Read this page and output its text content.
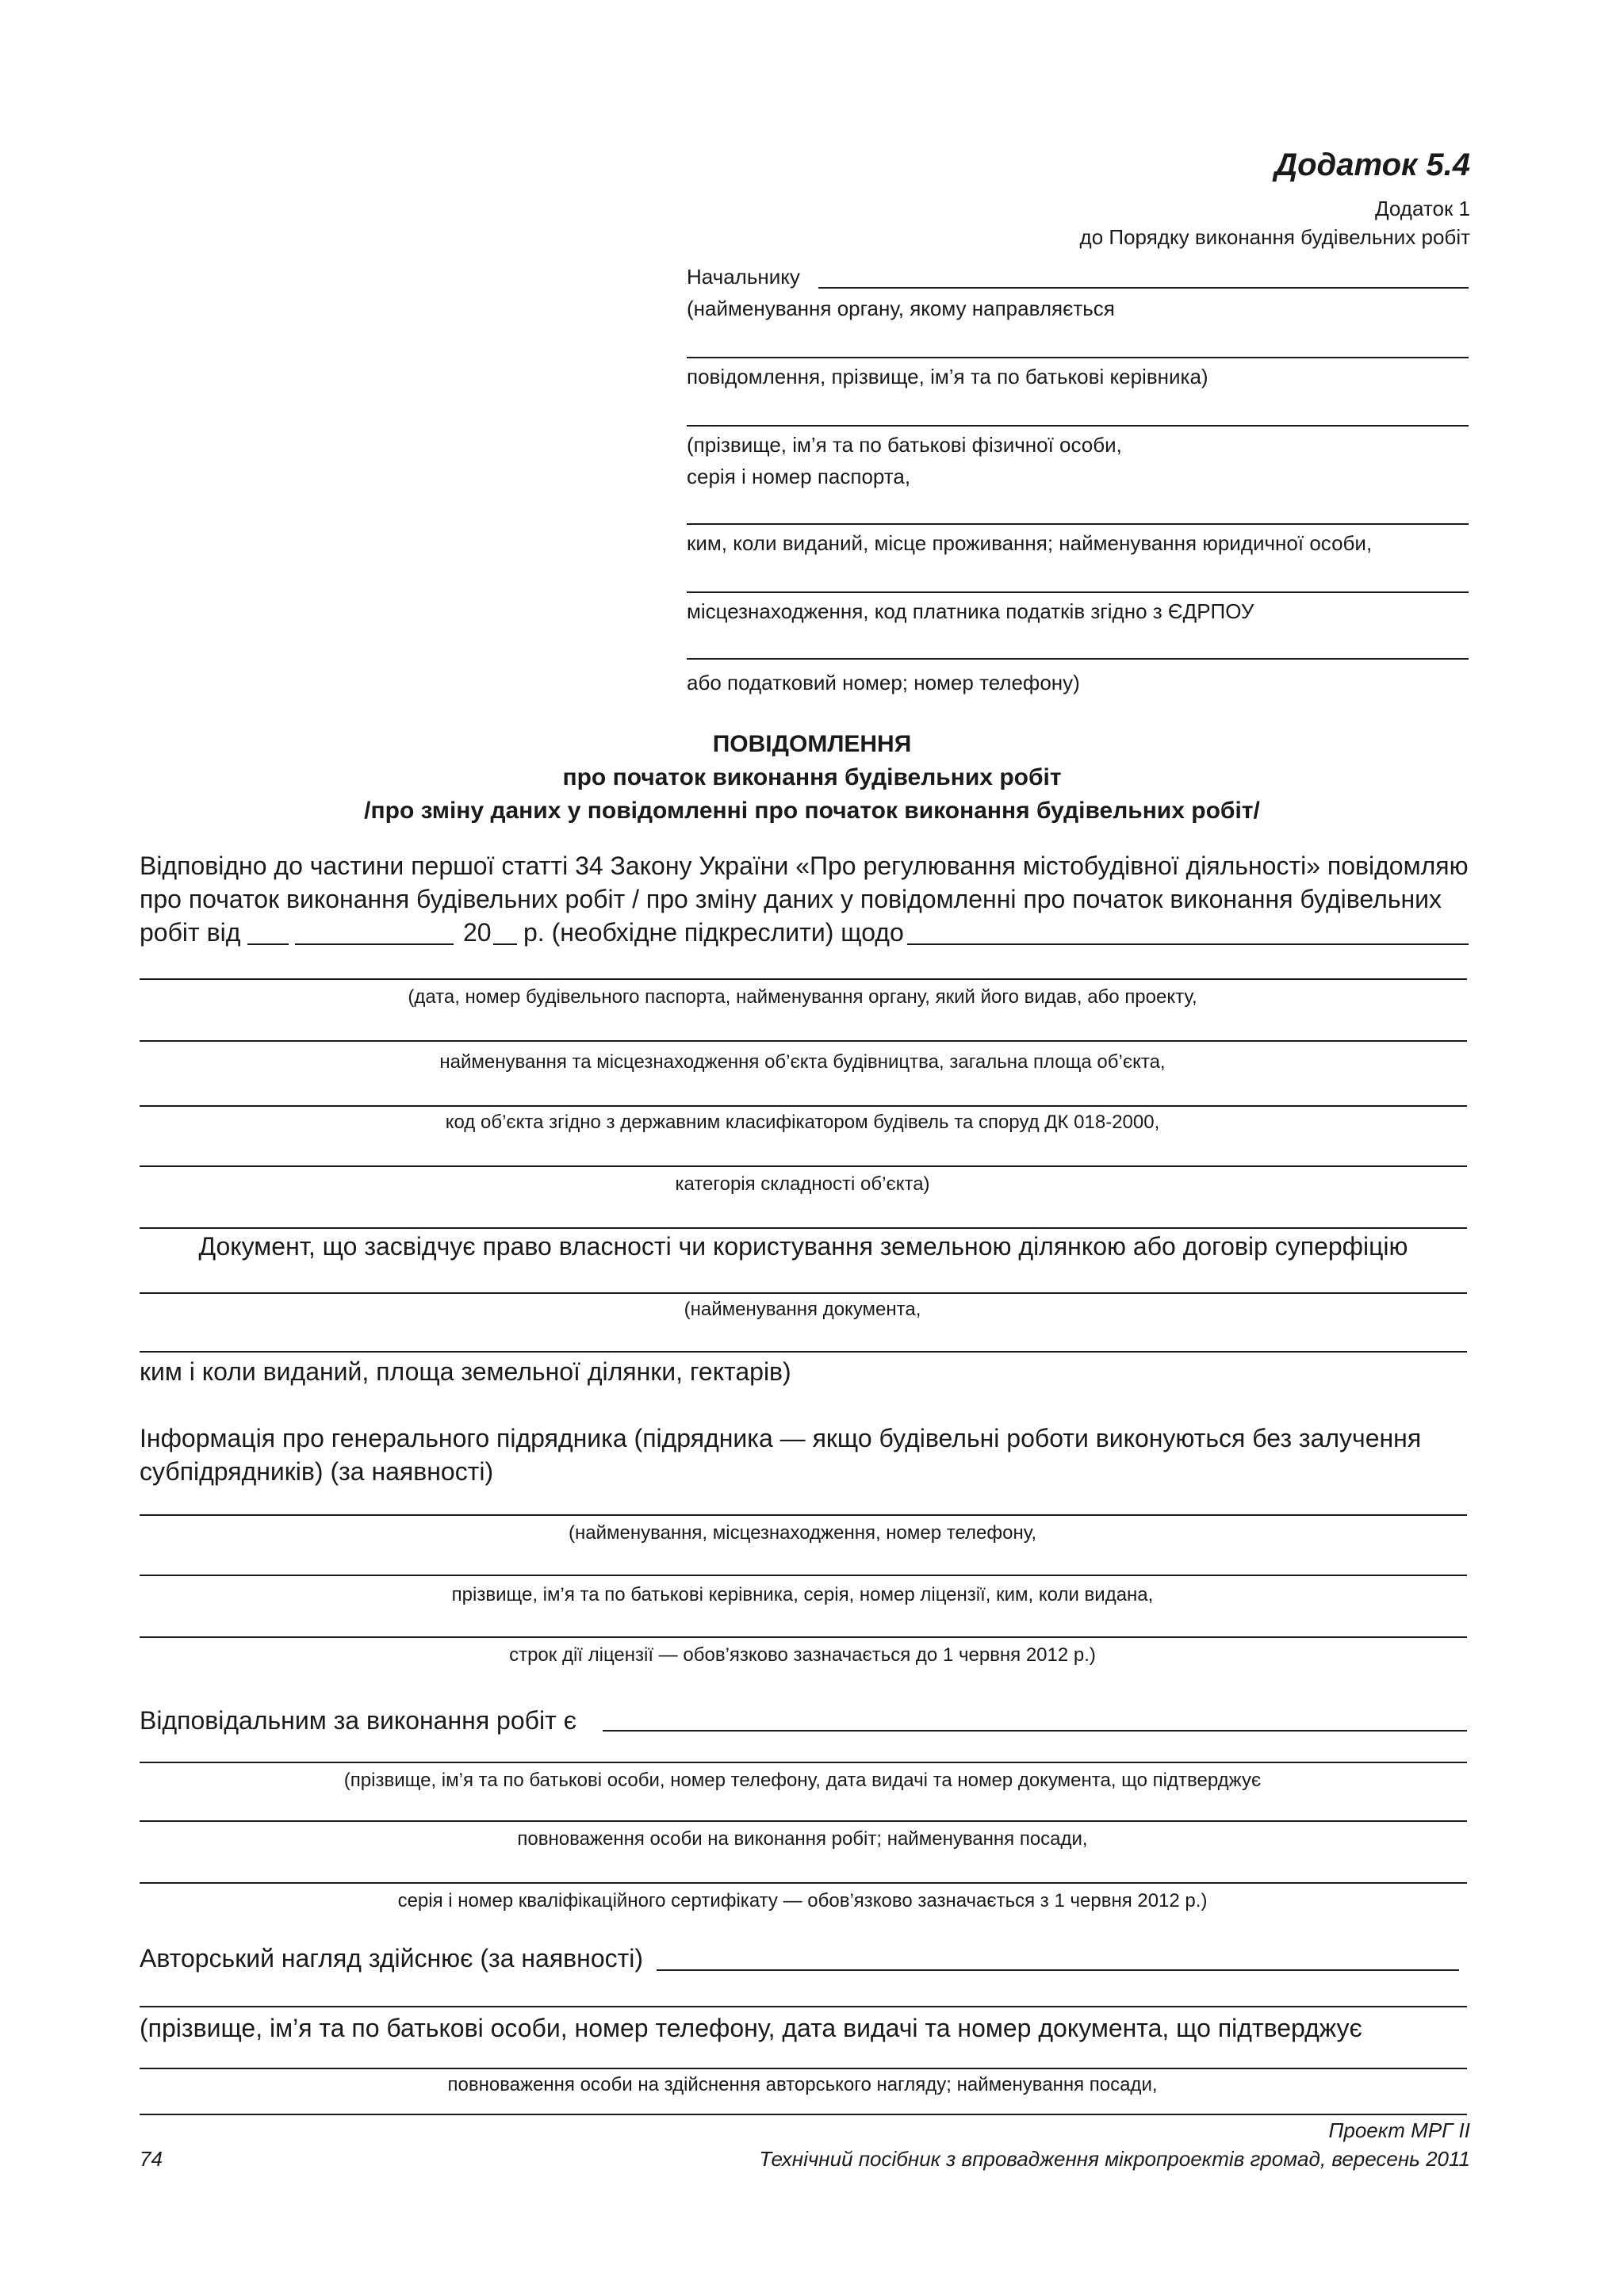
Додаток 5.4
Додаток 1
до Порядку виконання будівельних робіт
Начальнику
(найменування органу, якому направляється
повідомлення, прізвище, ім’я та по батькові керівника)
(прізвище, ім’я та по батькові фізичної особи,
серія і номер паспорта,
ким, коли виданий, місце проживання; найменування юридичної особи,
місцезнаходження, код платника податків згідно з ЄДРПОУ
або податковий номер; номер телефону)
ПОВІДОМЛЕННЯ
про початок виконання будівельних робіт
/про зміну даних у повідомленні про початок виконання будівельних робіт/
Відповідно до частини першої статті 34 Закону України «Про регулювання містобудівної діяльності» повідомляю
про початок виконання будівельних робіт / про зміну даних у повідомленні про початок виконання будівельних
робіт від	20 р. (необхідне підкреслити) щодо
(дата, номер будівельного паспорта, найменування органу, який його видав, або проекту,
найменування та місцезнаходження об’єкта будівництва, загальна площа об’єкта,
код об’єкта згідно з державним класифікатором будівель та споруд ДК 018-2000,
категорія складності об’єкта)
Документ, що засвідчує право власності чи користування земельною ділянкою або договір суперфіцію
(найменування документа,
ким і коли виданий, площа земельної ділянки, гектарів)
Інформація про генерального підрядника (підрядника — якщо будівельні роботи виконуються без залучення
субпідрядників) (за наявності)
(найменування, місцезнаходження, номер телефону,
прізвище, ім’я та по батькові керівника, серія, номер ліцензії, ким, коли видана,
строк дії ліцензії — обов’язково зазначається до 1 червня 2012 р.)
Відповідальним за виконання робіт є
(прізвище, ім’я та по батькові особи, номер телефону, дата видачі та номер документа, що підтверджує
повноваження особи на виконання робіт; найменування посади,
серія і номер кваліфікаційного сертифікату — обов’язково зазначається з 1 червня 2012 р.)
Авторський нагляд здійснює (за наявності)
(прізвище, ім’я та по батькові особи, номер телефону, дата видачі та номер документа, що підтверджує
повноваження особи на здійснення авторського нагляду; найменування посади,
Проект МРГ ІІ
74	Технічний посібник з впровадження мікропроектів громад, вересень 2011
